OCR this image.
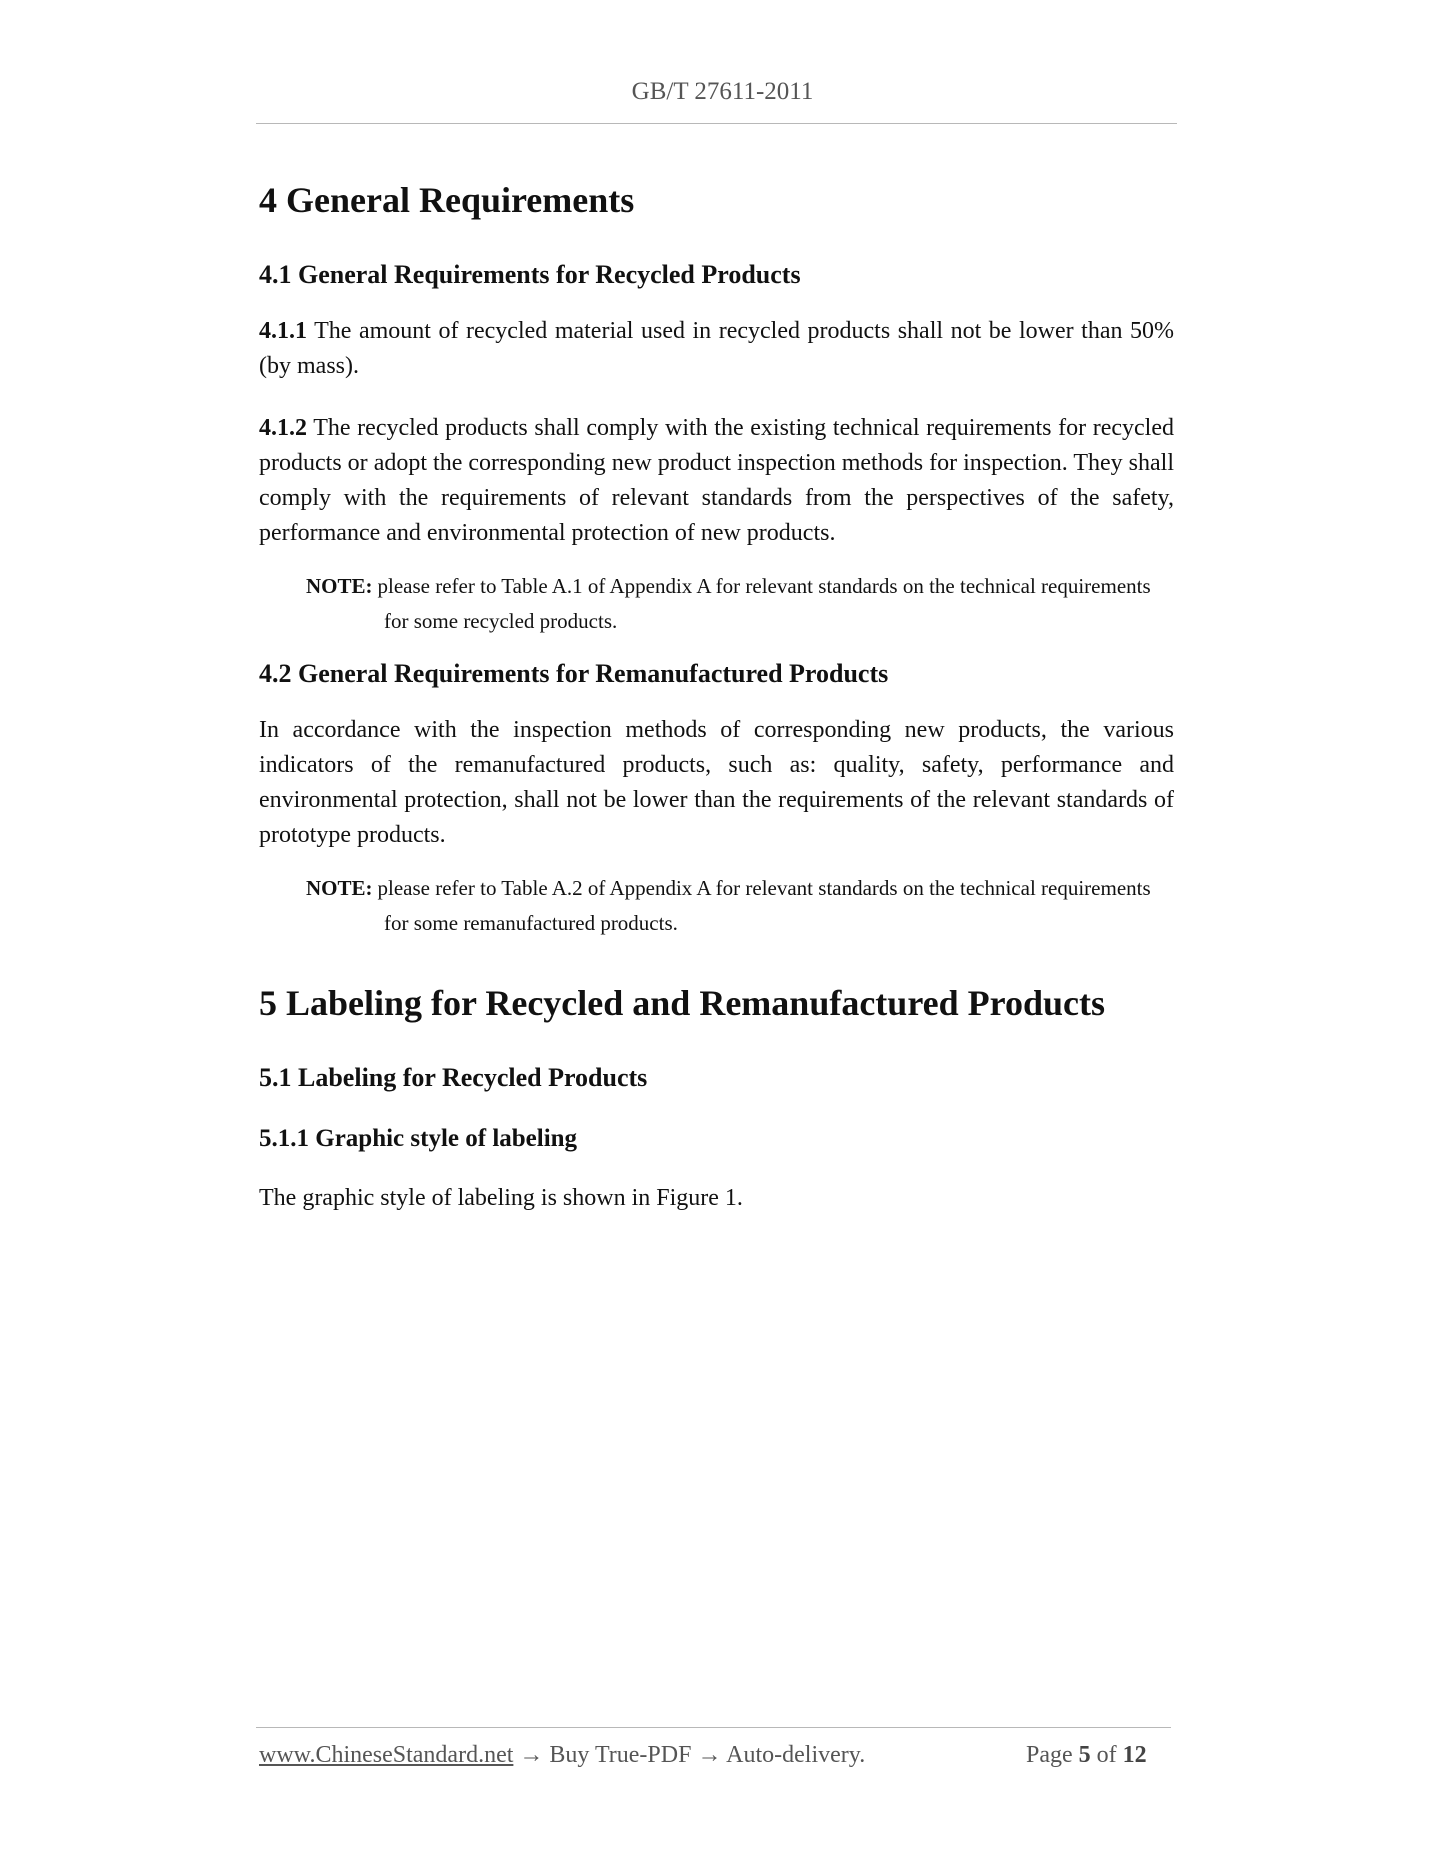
GB/T 27611-2011
4 General Requirements
4.1 General Requirements for Recycled Products

4.1.1 The amount of recycled material used in recycled products shall not be lower than 50% (by mass).

4.1.2 The recycled products shall comply with the existing technical requirements for recycled products or adopt the corresponding new product inspection methods for inspection. They shall comply with the requirements of relevant standards from the perspectives of the safety, performance and environmental protection of new products.

NOTE: please refer to Table A.1 of Appendix A for relevant standards on the technical requirements
for some recycled products.
4.2 General Requirements for Remanufactured Products

In accordance with the inspection methods of corresponding new products, the various indicators of the remanufactured products, such as: quality, safety, performance and environmental protection, shall not be lower than the requirements of the relevant standards of prototype products.

NOTE: please refer to Table A.2 of Appendix A for relevant standards on the technical requirements
for some remanufactured products.
5 Labeling for Recycled and Remanufactured Products
5.1 Labeling for Recycled Products
5.1.1 Graphic style of labeling

The graphic style of labeling is shown in Figure 1.

www.ChineseStandard.net → Buy True-PDF → Auto-delivery.	Page 5 of 12
